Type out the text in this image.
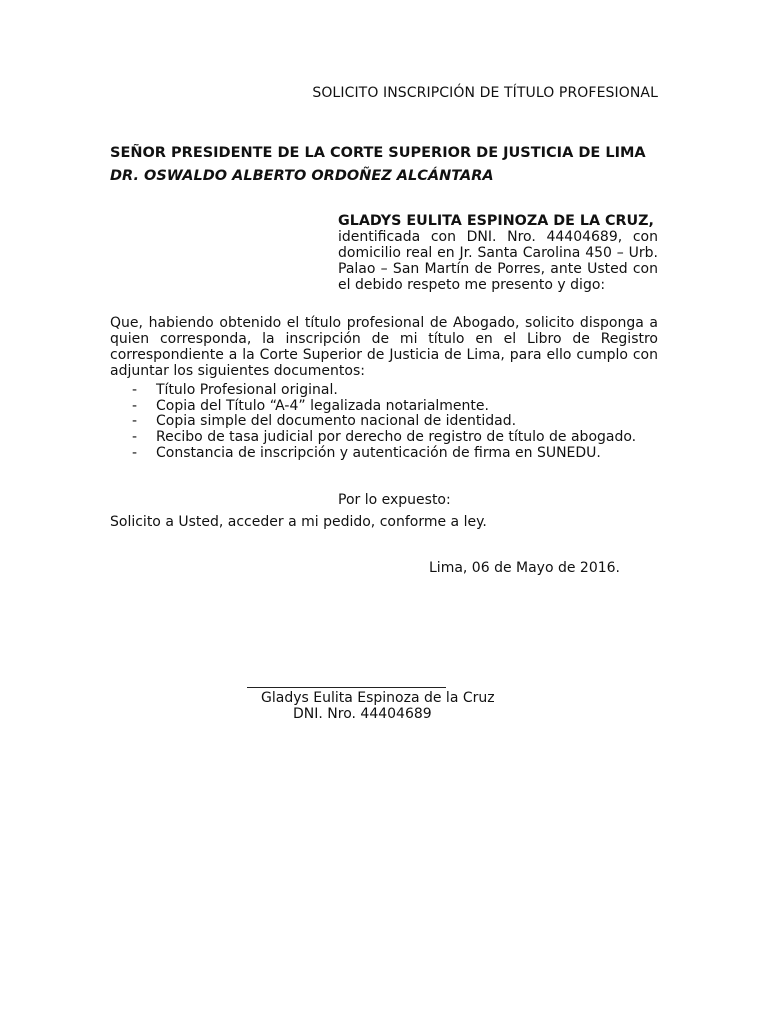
SOLICITO INSCRIPCIÓN DE TÍTULO PROFESIONAL

SEÑOR PRESIDENTE DE LA CORTE SUPERIOR DE JUSTICIA DE LIMA

DR. OSWALDO ALBERTO ORDOÑEZ ALCÁNTARA

GLADYS EULITA ESPINOZA DE LA CRUZ,
identificada con DNI. Nro. 44404689, con domicilio real en Jr. Santa Carolina 450 – Urb. Palao – San Martín de Porres, ante Usted con el debido respeto me presento y digo:

Que, habiendo obtenido el título profesional de Abogado, solicito disponga a quien corresponda, la inscripción de mi título en el Libro de Registro correspondiente a la Corte Superior de Justicia de Lima, para ello cumplo con adjuntar los siguientes documentos:

- Título Profesional original.
- Copia del Título “A-4” legalizada notarialmente.
- Copia simple del documento nacional de identidad.
- Recibo de tasa judicial por derecho de registro de título de abogado.
- Constancia de inscripción y autenticación de firma en SUNEDU.

Por lo expuesto:

Solicito a Usted, acceder a mi pedido, conforme a ley.

Lima, 06 de Mayo de 2016.

Gladys Eulita Espinoza de la Cruz

DNI. Nro. 44404689
